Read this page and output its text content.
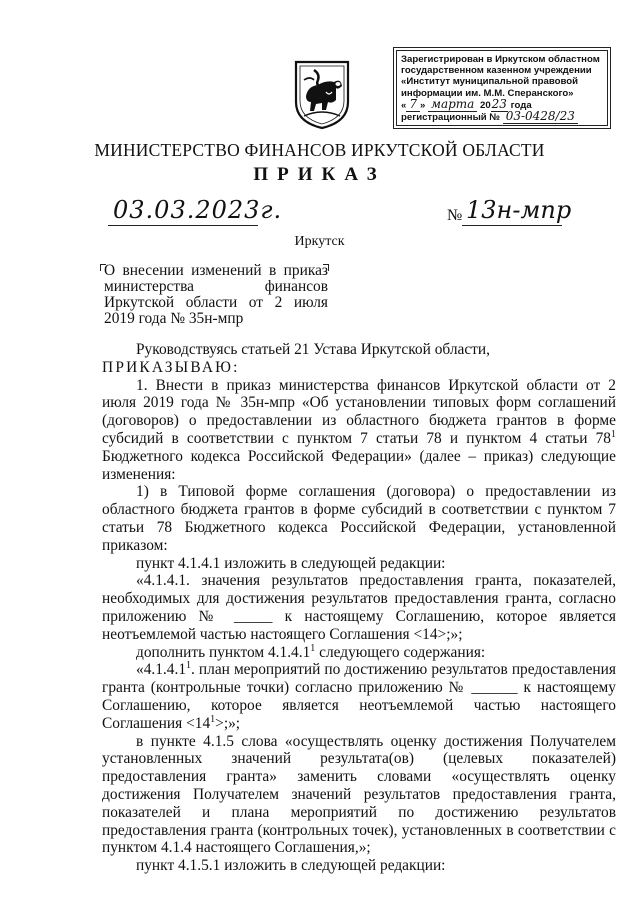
Зарегистрирован в Иркутском областном
государственном казенном учреждении
«Институт муниципальной правовой
информации им. М.М. Сперанского»
« 7 » марта 2023 года
регистрационный № 03-0428/23
МИНИСТЕРСТВО ФИНАНСОВ ИРКУТСКОЙ ОБЛАСТИ
ПРИКАЗ
03.03.2023г.	№ 13н-мпр
Иркутск
О внесении изменений в приказ
министерства	финансов
Иркутской области от 2 июля
2019 года № 35н-мпр

Руководствуясь статьей 21 Устава Иркутской области,

ПРИКАЗЫВАЮ:

1. Внести в приказ министерства финансов Иркутской области от 2 июля 2019 года № 35н-мпр «Об установлении типовых форм соглашений (договоров) о предоставлении из областного бюджета грантов в форме субсидий в соответствии с пунктом 7 статьи 78 и пунктом 4 статьи $78^1$ Бюджетного кодекса Российской Федерации» (далее – приказ) следующие изменения:

1) в Типовой форме соглашения (договора) о предоставлении из областного бюджета грантов в форме субсидий в соответствии с пунктом 7 статьи 78 Бюджетного кодекса Российской Федерации, установленной приказом:

пункт 4.1.4.1 изложить в следующей редакции:

«4.1.4.1. значения результатов предоставления гранта, показателей, необходимых для достижения результатов предоставления гранта, согласно приложению № _____ к настоящему Соглашению, которое является неотъемлемой частью настоящего Соглашения <14>;»;

дополнить пунктом 4.1.4.1$^1$ следующего содержания:

«4.1.4.1$^1$. план мероприятий по достижению результатов предоставления гранта (контрольные точки) согласно приложению № ______ к настоящему Соглашению, которое является неотъемлемой частью настоящего Соглашения $<14^1>$;»;

в пункте 4.1.5 слова «осуществлять оценку достижения Получателем установленных значений результата(ов) (целевых показателей) предоставления гранта» заменить словами «осуществлять оценку достижения Получателем значений результатов предоставления гранта, показателей и плана мероприятий по достижению результатов предоставления гранта (контрольных точек), установленных в соответствии с пунктом 4.1.4 настоящего Соглашения,»;

пункт 4.1.5.1 изложить в следующей редакции:
